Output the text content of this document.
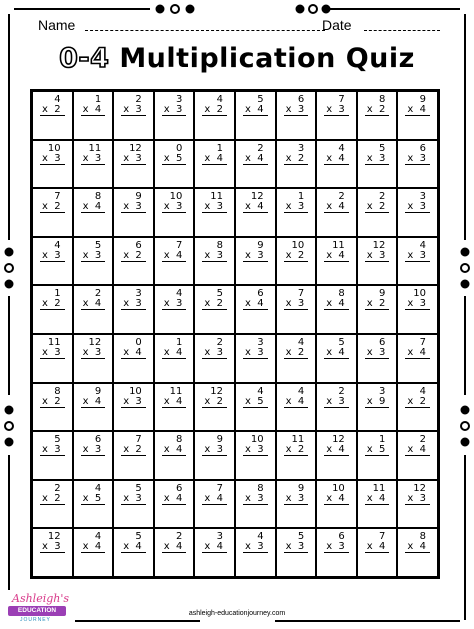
Name	Date
0-4 Multiplication Quiz
4
x 2
1
x 4
2
x 3
3
x 3
4
x 2
5
x 4
6
x 3
7
x 3
8
x 2
9
x 4
10
x 3
11
x 3
12
x 3
0
x 5
1
x 4
2
x 4
3
x 2
4
x 4
5
x 3
6
x 3
7
x 2
8
x 4
9
x 3
10
x 3
11
x 3
12
x 4
1
x 3
2
x 4
2
x 2
3
x 3
4
x 3
5
x 3
6
x 2
7
x 4
8
x 3
9
x 3
10
x 2
11
x 4
12
x 3
4
x 3
1
x 2
2
x 4
3
x 3
4
x 3
5
x 2
6
x 4
7
x 3
8
x 4
9
x 2
10
x 3
11
x 3
12
x 3
0
x 4
1
x 4
2
x 3
3
x 3
4
x 2
5
x 4
6
x 3
7
x 4
8
x 2
9
x 4
10
x 3
11
x 4
12
x 2
4
x 5
4
x 4
2
x 3
3
x 9
4
x 2
5
x 3
6
x 3
7
x 2
8
x 4
9
x 3
10
x 3
11
x 2
12
x 4
1
x 5
2
x 4
2
x 2
4
x 5
5
x 3
6
x 4
7
x 4
8
x 3
9
x 3
10
x 4
11
x 4
12
x 3
12
x 3
4
x 4
5
x 4
2
x 4
3
x 4
4
x 3
5
x 3
6
x 3
7
x 4
8
x 4
Ashleigh's
EDUCATION
JOURNEY
ashleigh-educationjourney.com
